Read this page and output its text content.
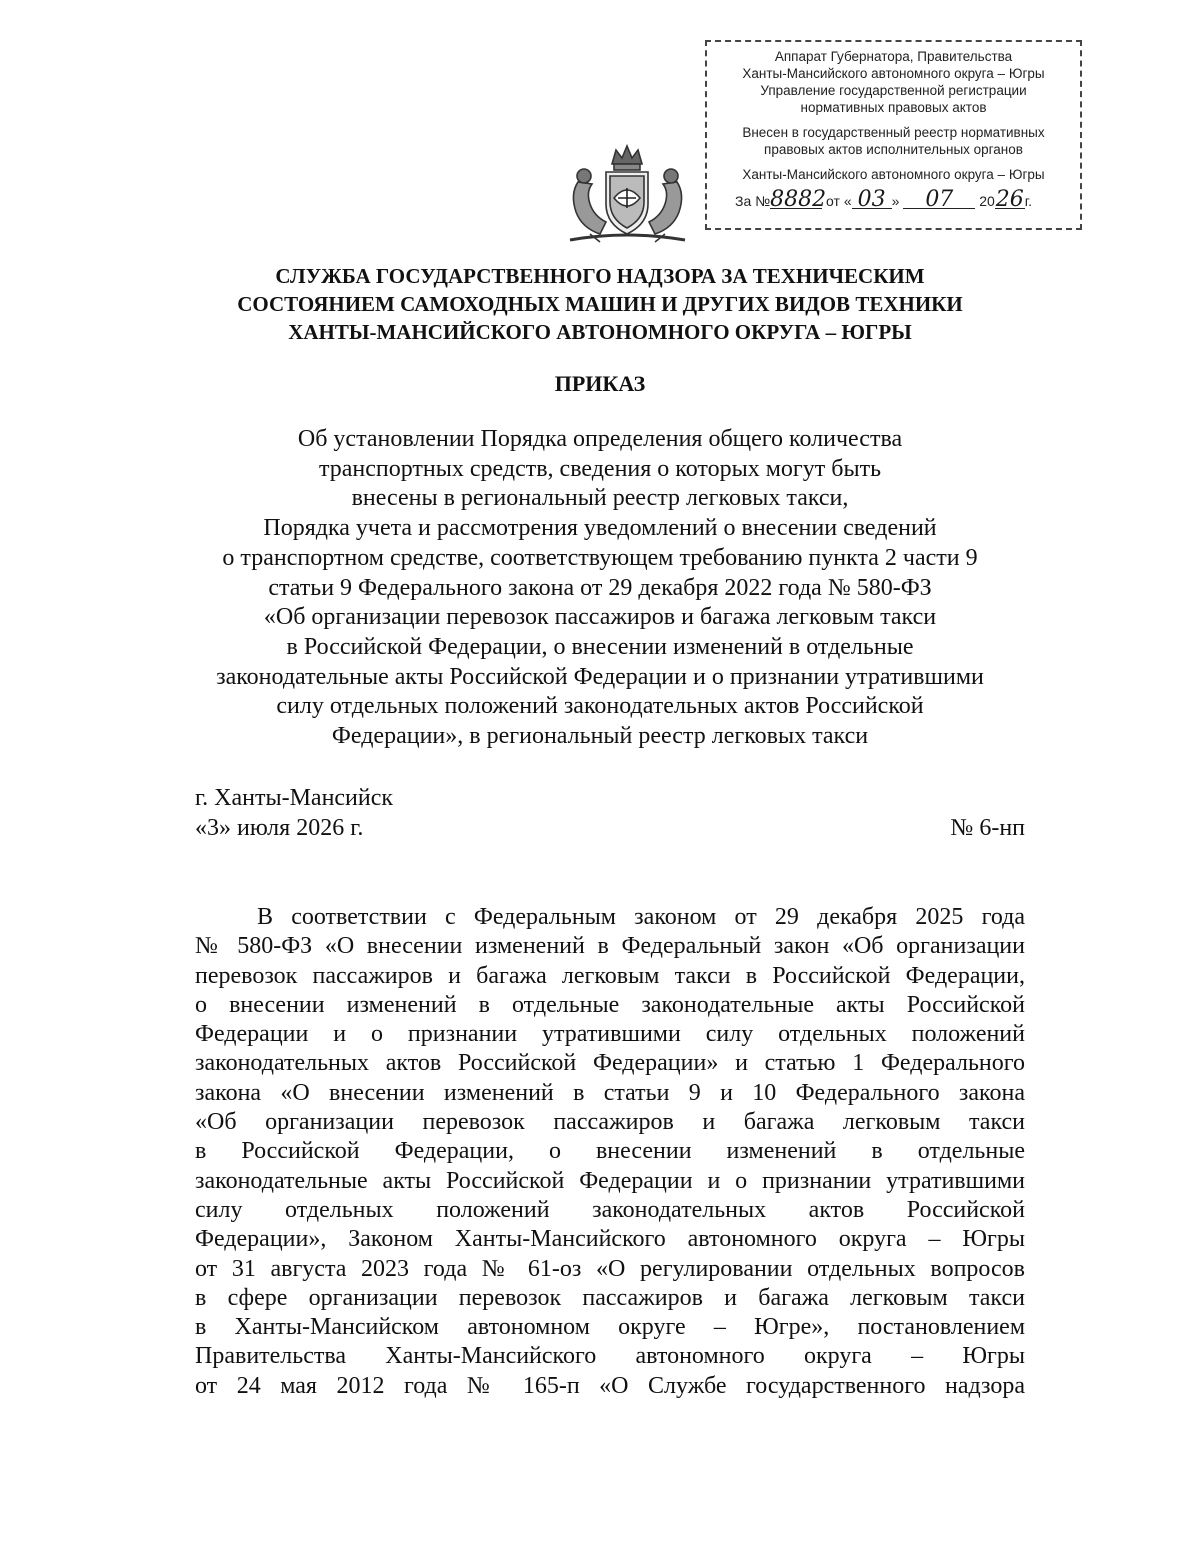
Аппарат Губернатора, Правительства
Ханты-Мансийского автономного округа – Югры
Управление государственной регистрации
нормативных правовых актов
Внесен в государственный реестр нормативных
правовых актов исполнительных органов
Ханты-Мансийского автономного округа – Югры
За №8882 от « 03 » 07 2026г.
СЛУЖБА ГОСУДАРСТВЕННОГО НАДЗОРА ЗА ТЕХНИЧЕСКИМ
СОСТОЯНИЕМ САМОХОДНЫХ МАШИН И ДРУГИХ ВИДОВ ТЕХНИКИ
ХАНТЫ-МАНСИЙСКОГО АВТОНОМНОГО ОКРУГА – ЮГРЫ
ПРИКАЗ
Об установлении Порядка определения общего количества
транспортных средств, сведения о которых могут быть
внесены в региональный реестр легковых такси,
Порядка учета и рассмотрения уведомлений о внесении сведений
о транспортном средстве, соответствующем требованию пункта 2 части 9
статьи 9 Федерального закона от 29 декабря 2022 года № 580-ФЗ
«Об организации перевозок пассажиров и багажа легковым такси
в Российской Федерации, о внесении изменений в отдельные
законодательные акты Российской Федерации и о признании утратившими
силу отдельных положений законодательных актов Российской
Федерации», в региональный реестр легковых такси
г. Ханты-Мансийск
«3» июля 2026 г.	№ 6-нп
В соответствии с Федеральным законом от 29 декабря 2025 года
№ 580-ФЗ «О внесении изменений в Федеральный закон «Об организации
перевозок пассажиров и багажа легковым такси в Российской Федерации,
о внесении изменений в отдельные законодательные акты Российской
Федерации и о признании утратившими силу отдельных положений
законодательных актов Российской Федерации» и статью 1 Федерального
закона «О внесении изменений в статьи 9 и 10 Федерального закона
«Об организации перевозок пассажиров и багажа легковым такси
в Российской Федерации, о внесении изменений в отдельные
законодательные акты Российской Федерации и о признании утратившими
силу отдельных положений законодательных актов Российской
Федерации», Законом Ханты-Мансийского автономного округа – Югры
от 31 августа 2023 года № 61-оз «О регулировании отдельных вопросов
в сфере организации перевозок пассажиров и багажа легковым такси
в Ханты-Мансийском автономном округе – Югре», постановлением
Правительства Ханты-Мансийского автономного округа – Югры
от 24 мая 2012 года № 165-п «О Службе государственного надзора
